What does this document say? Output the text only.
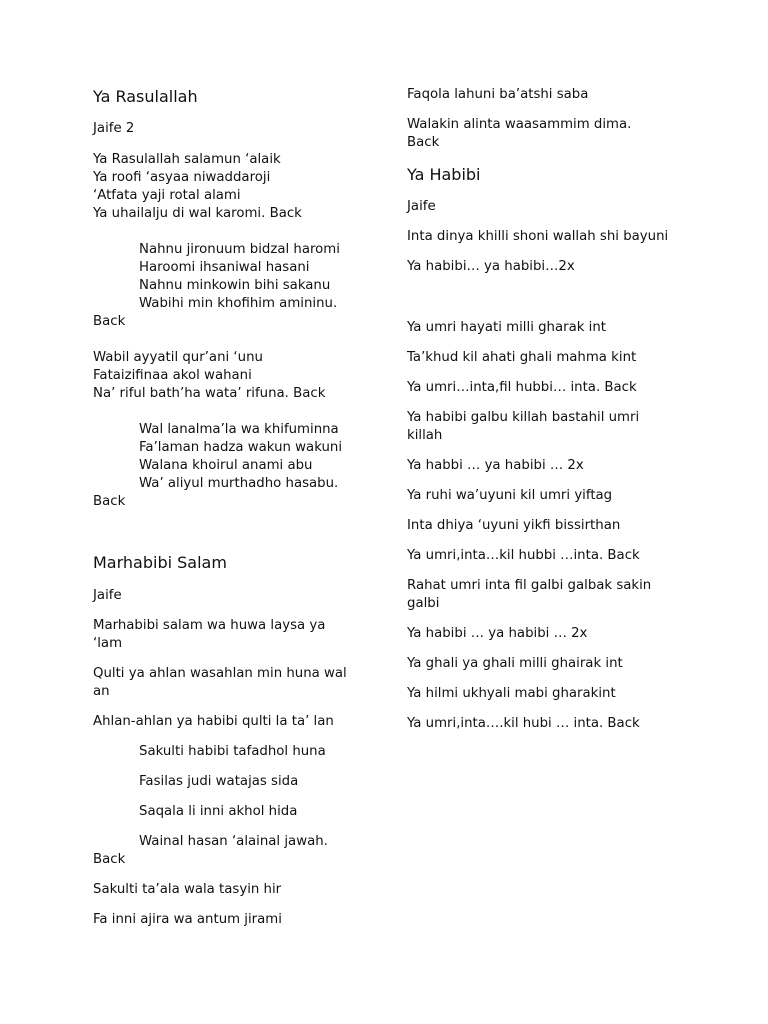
Ya Rasulallah

Jaife 2

Ya Rasulallah salamun ‘alaik

Ya roofi ‘asyaa niwaddaroji

‘Atfata yaji rotal alami

Ya uhailalju di wal karomi. Back

Nahnu jironuum bidzal haromi

Haroomi ihsaniwal hasani

Nahnu minkowin bihi sakanu

Wabihi min khofihim amininu.

Back

Wabil ayyatil qur’ani ‘unu

Fataizifinaa akol wahani

Na’ riful bath’ha wata’ rifuna. Back

Wal lanalma’la wa khifuminna

Fa’laman hadza wakun wakuni

Walana khoirul anami abu

Wa’ aliyul murthadho hasabu.

Back

Marhabibi Salam

Jaife

Marhabibi salam wa huwa laysa ya ‘lam

Qulti ya ahlan wasahlan min huna wal an

Ahlan-ahlan ya habibi qulti la ta’ lan

Sakulti habibi tafadhol huna

Fasilas judi watajas sida

Saqala li inni akhol hida

Wainal hasan ‘alainal jawah.

Back

Sakulti ta’ala wala tasyin hir

Fa inni ajira wa antum jirami

Faqola lahuni ba’atshi saba

Walakin alinta waasammim dima. Back

Ya Habibi

Jaife

Inta dinya khilli shoni wallah shi bayuni

Ya habibi… ya habibi…2x

Ya umri hayati milli gharak int

Ta’khud kil ahati ghali mahma kint

Ya umri…inta,fil hubbi… inta. Back

Ya habibi galbu killah bastahil umri killah

Ya habbi … ya habibi … 2x

Ya ruhi wa’uyuni kil umri yiftag

Inta dhiya ‘uyuni yikfi bissirthan

Ya umri,inta…kil hubbi …inta. Back

Rahat umri inta fil galbi galbak sakin galbi

Ya habibi … ya habibi … 2x

Ya ghali ya ghali milli ghairak int

Ya hilmi ukhyali mabi gharakint

Ya umri,inta….kil hubi … inta. Back
